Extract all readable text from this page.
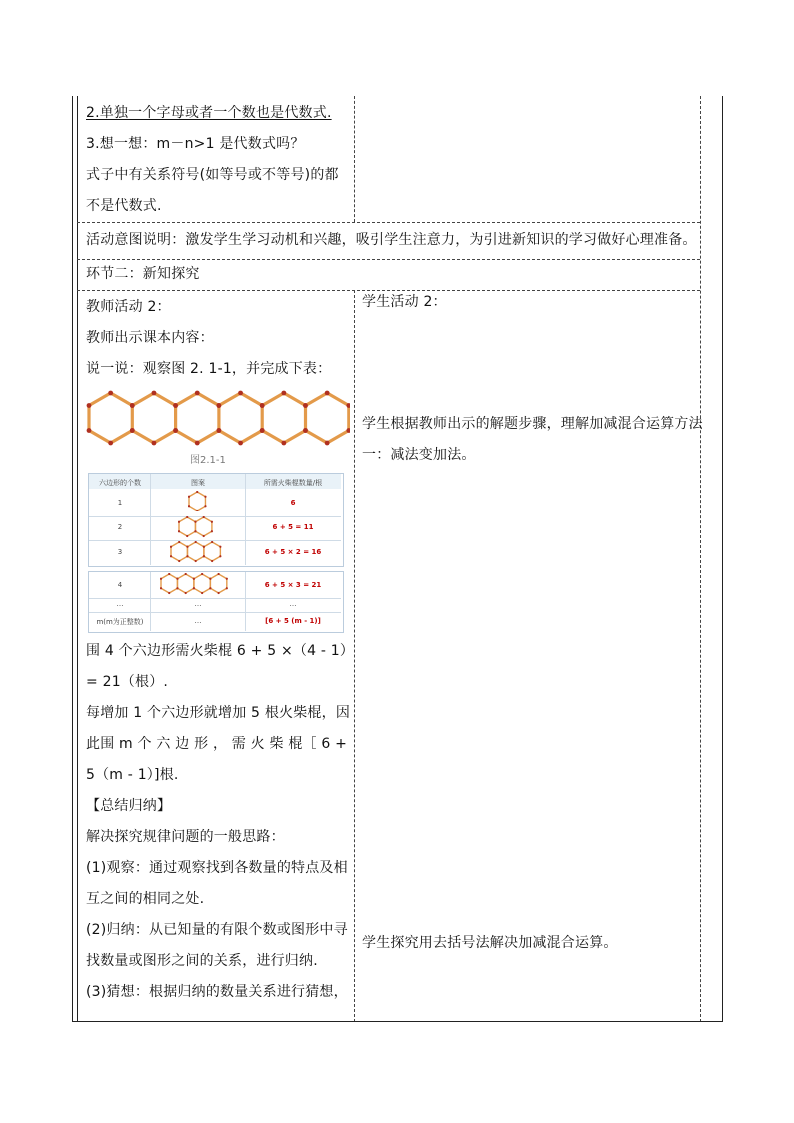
2.单独一个字母或者一个数也是代数式.
3.想一想：m－n>1 是代数式吗？
式子中有关系符号(如等号或不等号)的都
不是代数式.
活动意图说明：激发学生学习动机和兴趣，吸引学生注意力，为引进新知识的学习做好心理准备。
环节二：新知探究
教师活动 2：
教师出示课本内容：
说一说：观察图 2. 1-1，并完成下表：
图2.1-1
六边形的个数	图案	所需火柴棍数量/根
1	6
2	6 + 5 = 11
3	6 + 5 × 2 = 16
4	6 + 5 × 3 = 21
…	…	…
m(m为正整数)	…	[6 + 5 (m - 1)]
围 4 个六边形需火柴棍 6 + 5 ×（4 - 1）
= 21（根）.
每增加 1 个六边形就增加 5 根火柴棍，因
此围 m 个 六 边 形 ， 需 火 柴 棍［ 6 +
5（m - 1）]根.
【总结归纳】
解决探究规律问题的一般思路：
(1)观察：通过观察找到各数量的特点及相
互之间的相同之处.
(2)归纳：从已知量的有限个数或图形中寻
找数量或图形之间的关系，进行归纳.
(3)猜想：根据归纳的数量关系进行猜想，
学生活动 2：
学生根据教师出示的解题步骤，理解加减混合运算方法
一：减法变加法。
学生探究用去括号法解决加减混合运算。
